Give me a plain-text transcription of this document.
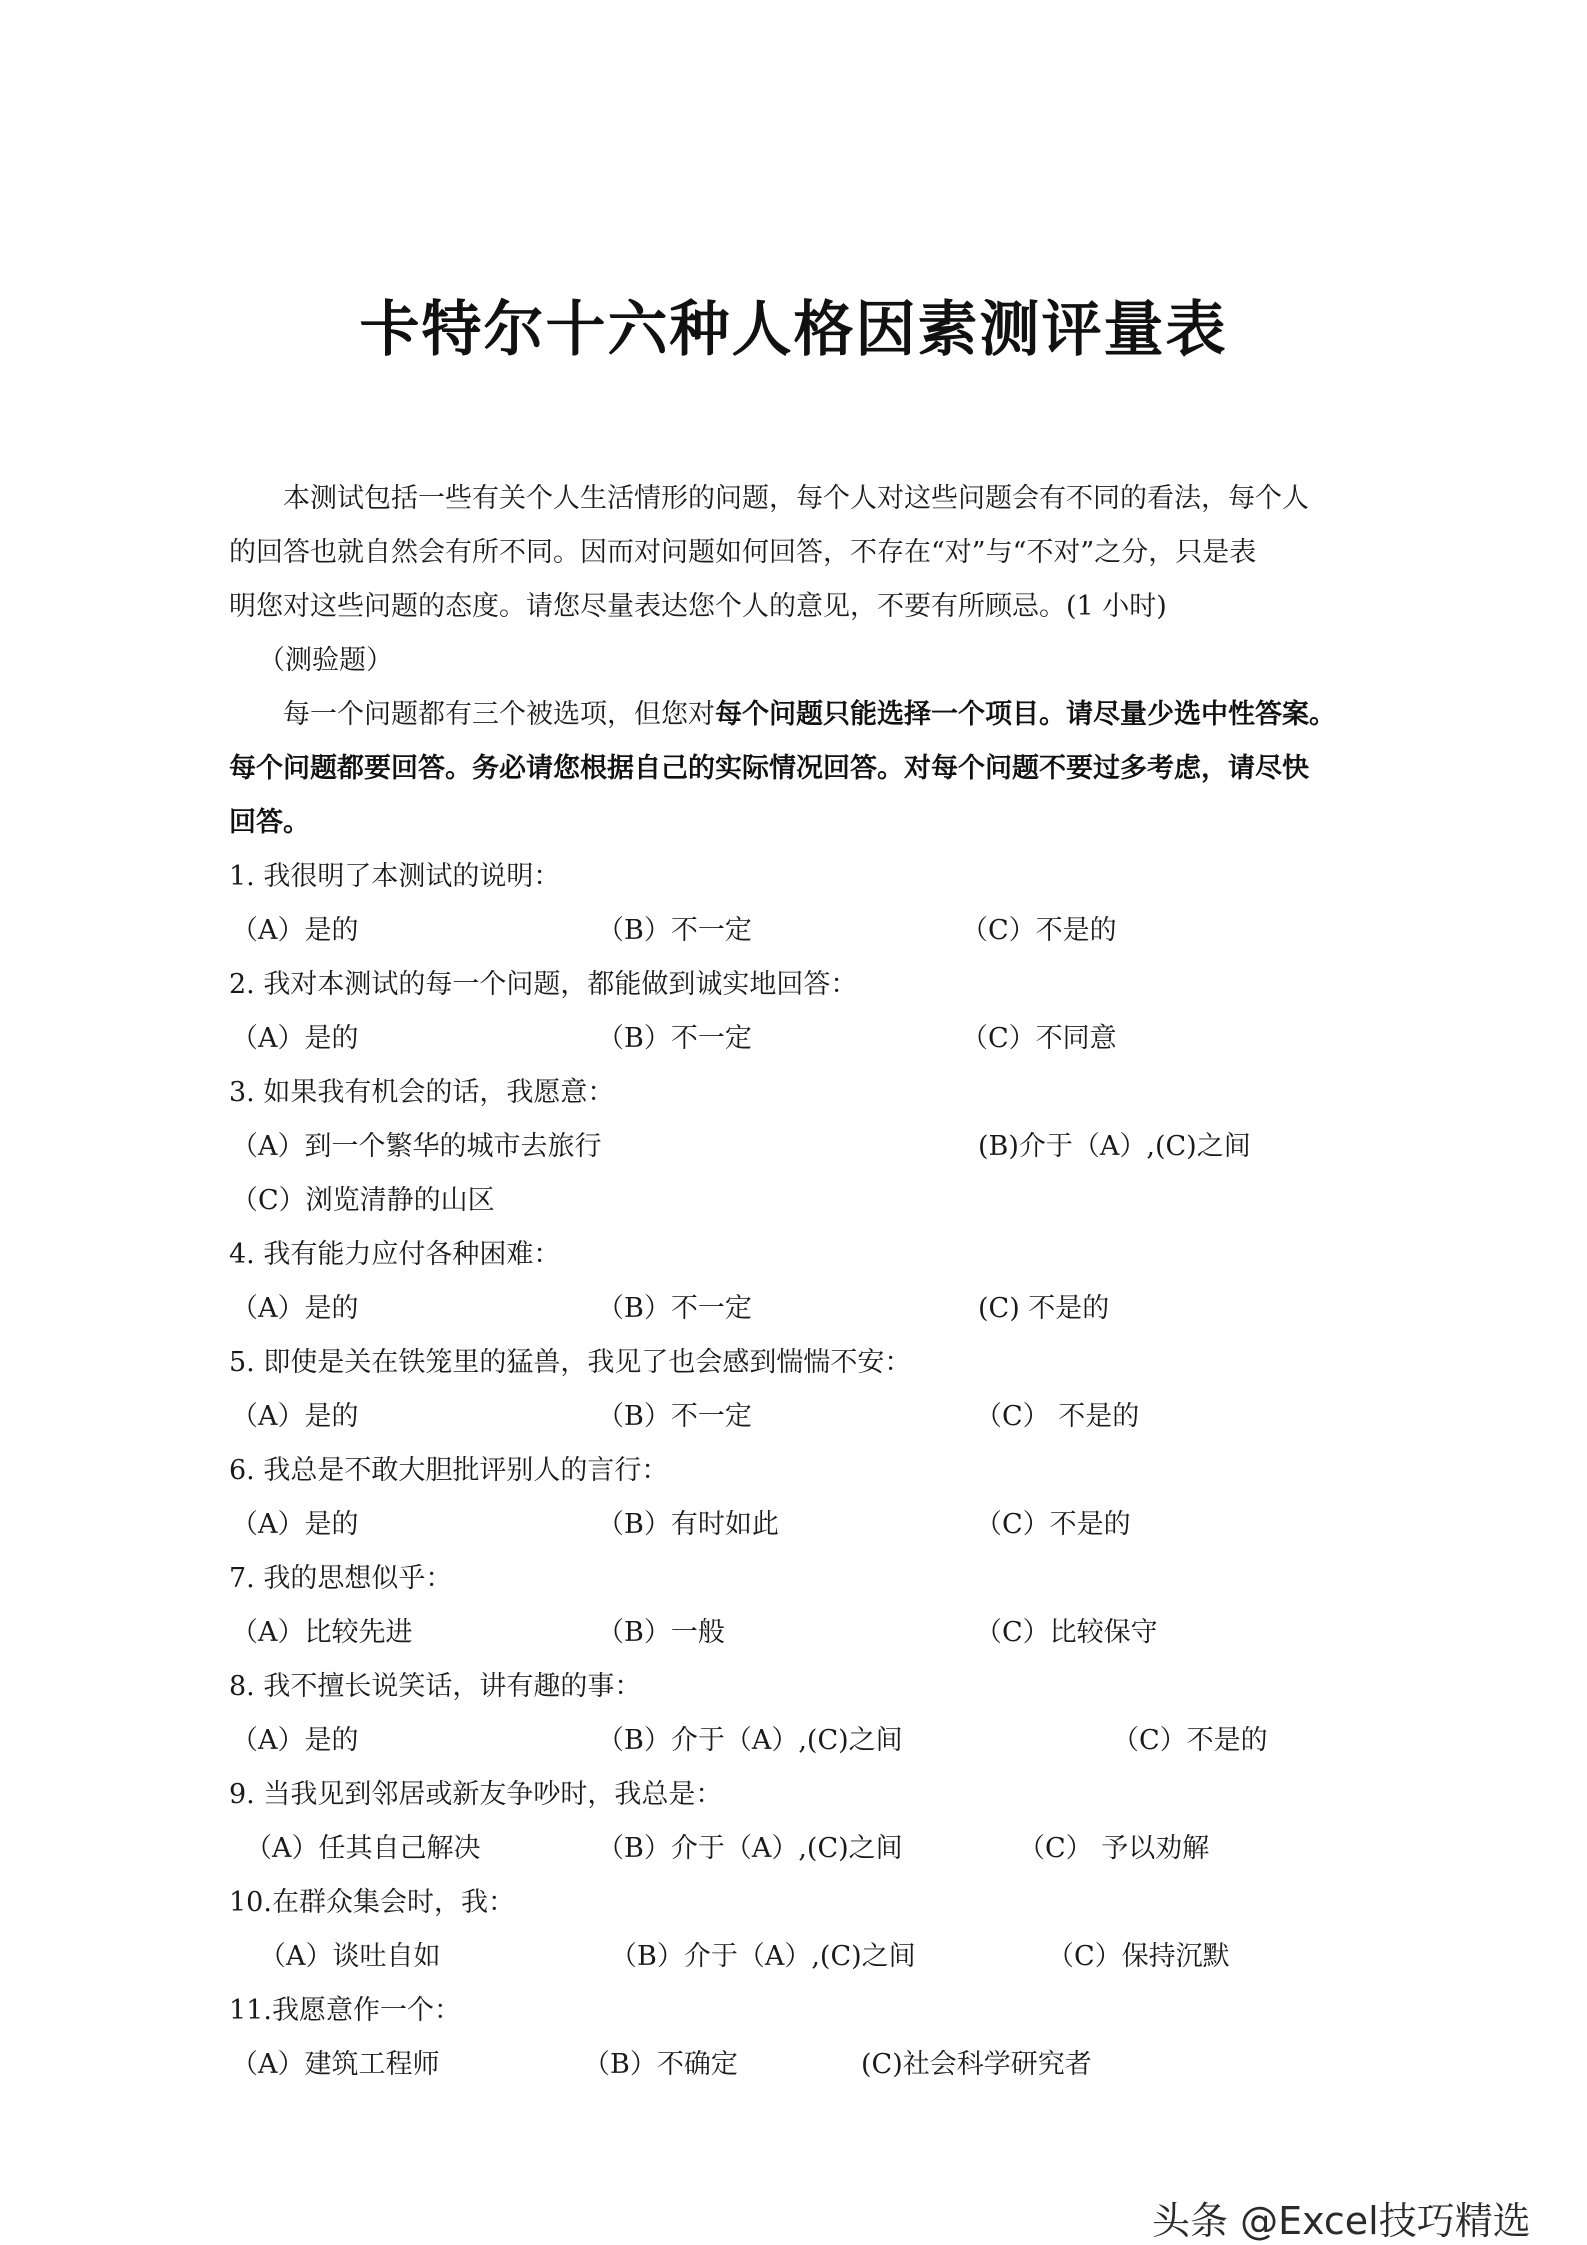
卡特尔十六种人格因素测评量表
本测试包括一些有关个人生活情形的问题，每个人对这些问题会有不同的看法，每个人
的回答也就自然会有所不同。因而对问题如何回答，不存在“对”与“不对”之分，只是表
明您对这些问题的态度。请您尽量表达您个人的意见，不要有所顾忌。(1 小时)
（测验题）
每一个问题都有三个被选项，但您对每个问题只能选择一个项目。请尽量少选中性答案。
每个问题都要回答。务必请您根据自己的实际情况回答。对每个问题不要过多考虑，请尽快
回答。
1. 我很明了本测试的说明：
（A）是的	（B）不一定	（C）不是的
2. 我对本测试的每一个问题，都能做到诚实地回答：
（A）是的	（B）不一定	（C）不同意
3. 如果我有机会的话，我愿意：
（A）到一个繁华的城市去旅行	(B)介于（A）,(C)之间
（C）浏览清静的山区
4. 我有能力应付各种困难：
（A）是的	（B）不一定	(C) 不是的
5. 即使是关在铁笼里的猛兽，我见了也会感到惴惴不安：
（A）是的	（B）不一定	（C） 不是的
6. 我总是不敢大胆批评别人的言行：
（A）是的	（B）有时如此	（C）不是的
7. 我的思想似乎：
（A）比较先进	（B）一般	（C）比较保守
8. 我不擅长说笑话，讲有趣的事：
（A）是的	（B）介于（A）,(C)之间	（C）不是的
9. 当我见到邻居或新友争吵时，我总是：
（A）任其自己解决	（B）介于（A）,(C)之间	（C） 予以劝解
10.在群众集会时，我：
（A）谈吐自如	（B）介于（A）,(C)之间	（C）保持沉默
11.我愿意作一个：
（A）建筑工程师	（B）不确定	(C)社会科学研究者
头条 @Excel技巧精选
